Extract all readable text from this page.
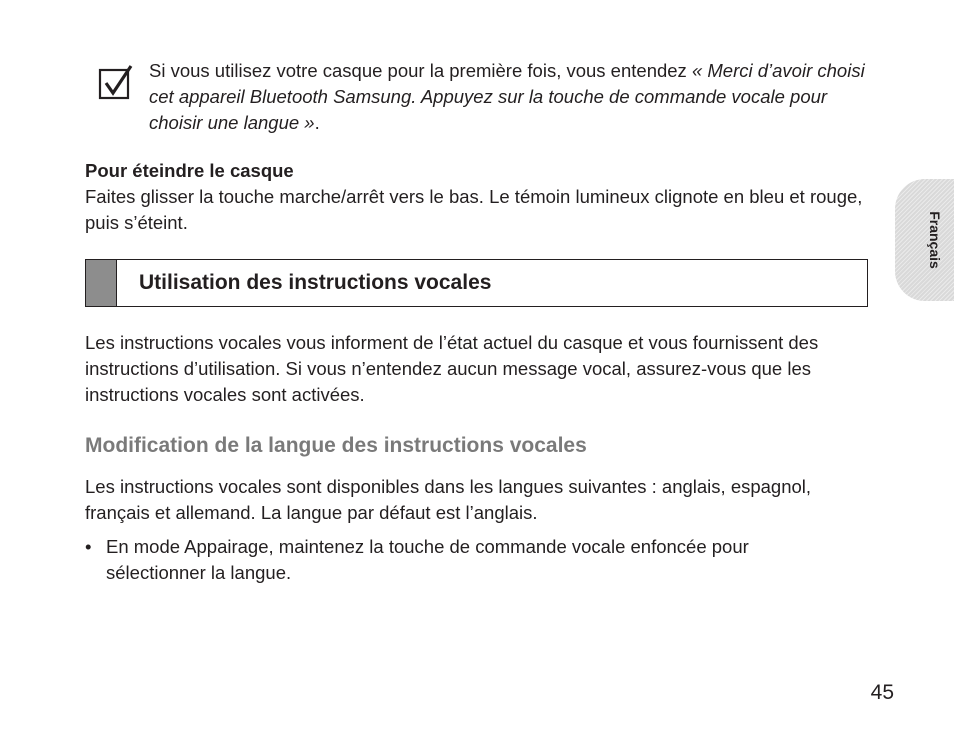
Si vous utilisez votre casque pour la première fois, vous entendez « Merci d’avoir choisi cet appareil Bluetooth Samsung. Appuyez sur la touche de commande vocale pour choisir une langue ».

Pour éteindre le casque

Faites glisser la touche marche/arrêt vers le bas. Le témoin lumineux clignote en bleu et rouge, puis s’éteint.

Utilisation des instructions vocales

Les instructions vocales vous informent de l’état actuel du casque et vous fournissent des instructions d’utilisation. Si vous n’entendez aucun message vocal, assurez-vous que les instructions vocales sont activées.

Modification de la langue des instructions vocales

Les instructions vocales sont disponibles dans les langues suivantes : anglais, espagnol, français et allemand. La langue par défaut est l’anglais.

• En mode Appairage, maintenez la touche de commande vocale enfoncée pour sélectionner la langue.
Français
45
